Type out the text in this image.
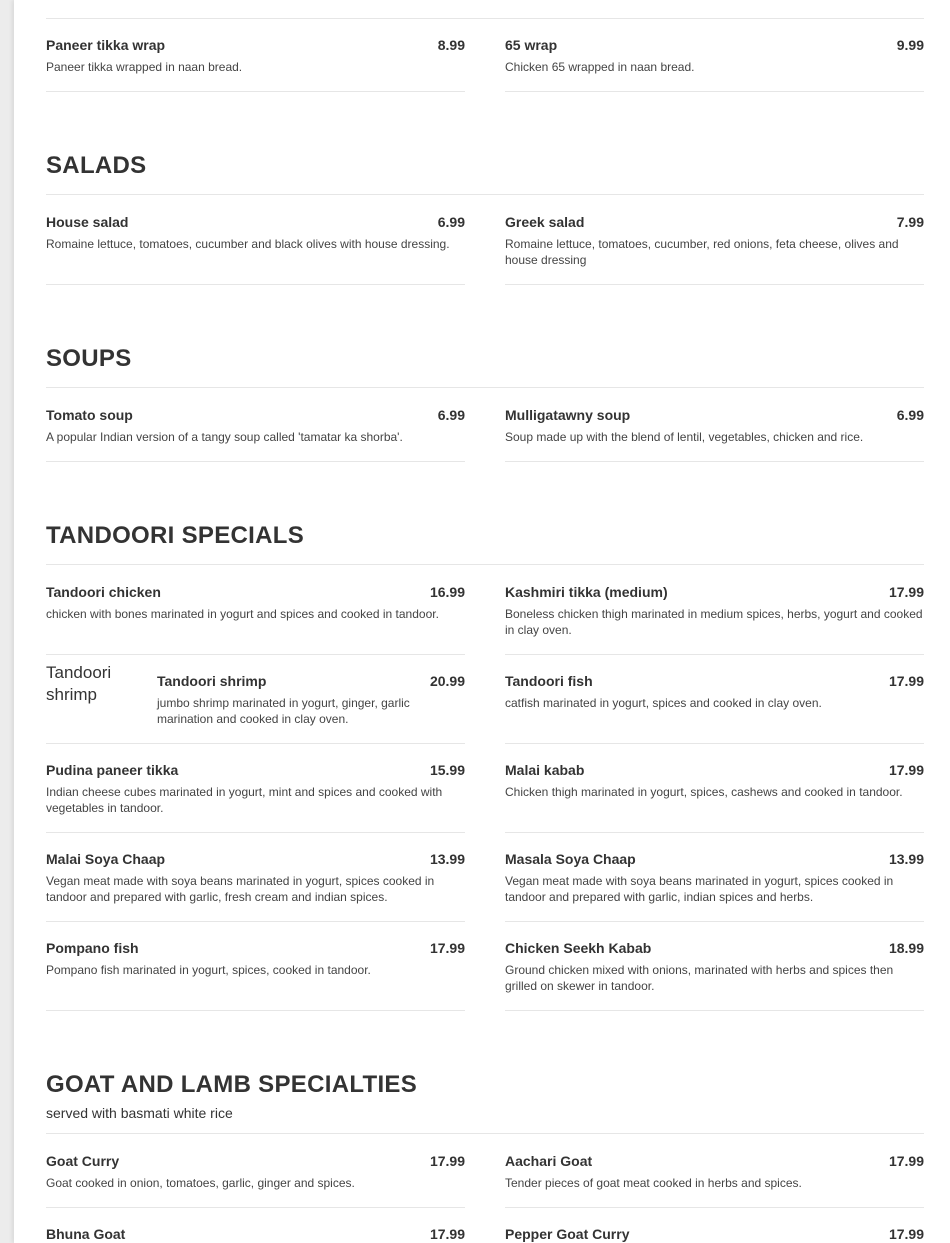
Paneer tikka wrap	8.99
Paneer tikka wrapped in naan bread.
65 wrap	9.99
Chicken 65 wrapped in naan bread.
SALADS
House salad	6.99
Romaine lettuce, tomatoes, cucumber and black olives with house dressing.
Greek salad	7.99
Romaine lettuce, tomatoes, cucumber, red onions, feta cheese, olives and house dressing
SOUPS
Tomato soup	6.99
A popular Indian version of a tangy soup called 'tamatar ka shorba'.
Mulligatawny soup	6.99
Soup made up with the blend of lentil, vegetables, chicken and rice.
TANDOORI SPECIALS
Tandoori chicken	16.99
chicken with bones marinated in yogurt and spices and cooked in tandoor.
Kashmiri tikka (medium)	17.99
Boneless chicken thigh marinated in medium spices, herbs, yogurt and cooked in clay oven.
Tandoori shrimp
Tandoori shrimp	20.99
jumbo shrimp marinated in yogurt, ginger, garlic marination and cooked in clay oven.
Tandoori fish	17.99
catfish marinated in yogurt, spices and cooked in clay oven.
Pudina paneer tikka	15.99
Indian cheese cubes marinated in yogurt, mint and spices and cooked with vegetables in tandoor.
Malai kabab	17.99
Chicken thigh marinated in yogurt, spices, cashews and cooked in tandoor.
Malai Soya Chaap	13.99
Vegan meat made with soya beans marinated in yogurt, spices cooked in tandoor and prepared with garlic, fresh cream and indian spices.
Masala Soya Chaap	13.99
Vegan meat made with soya beans marinated in yogurt, spices cooked in tandoor and prepared with garlic, indian spices and herbs.
Pompano fish	17.99
Pompano fish marinated in yogurt, spices, cooked in tandoor.
Chicken Seekh Kabab	18.99
Ground chicken mixed with onions, marinated with herbs and spices then grilled on skewer in tandoor.
GOAT AND LAMB SPECIALTIES
served with basmati white rice
Goat Curry	17.99
Goat cooked in onion, tomatoes, garlic, ginger and spices.
Aachari Goat	17.99
Tender pieces of goat meat cooked in herbs and spices.
Bhuna Goat	17.99	Pepper Goat Curry	17.99
